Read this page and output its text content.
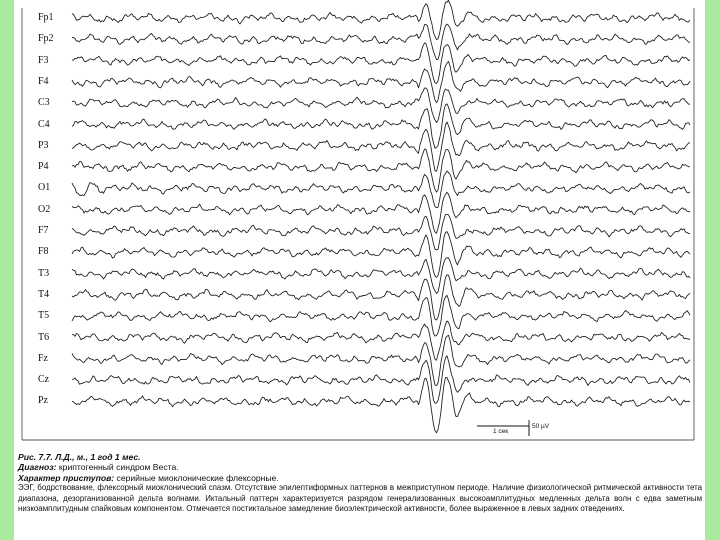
Fp1
Fp2
F3
F4
C3
C4
P3
P4
O1
O2
F7
F8
T3
T4
T5
T6
Fz
Cz
Pz
1 сек
50 µV

Рис. 7.7. Л.Д., м., 1 год 1 мес.

Диагноз: криптогенный синдром Веста.

Характер приступов: серийные миоклонические флексорные.

ЭЭГ, бодрствование, флексорный миоклонический спазм. Отсутствие эпилептиформных паттернов в межприступном периоде. Наличие физиологической ритмической активности тета диапазона, дезорганизованной дельта волнами. Иктальный паттерн характеризуется разрядом генерализованных высокоамплитудных медленных дельта волн с едва заметным низкоамплитудным спайковым компонентом. Отмечается постиктальное замедление биоэлектрической активности, более выраженное в левых задних отведениях.
